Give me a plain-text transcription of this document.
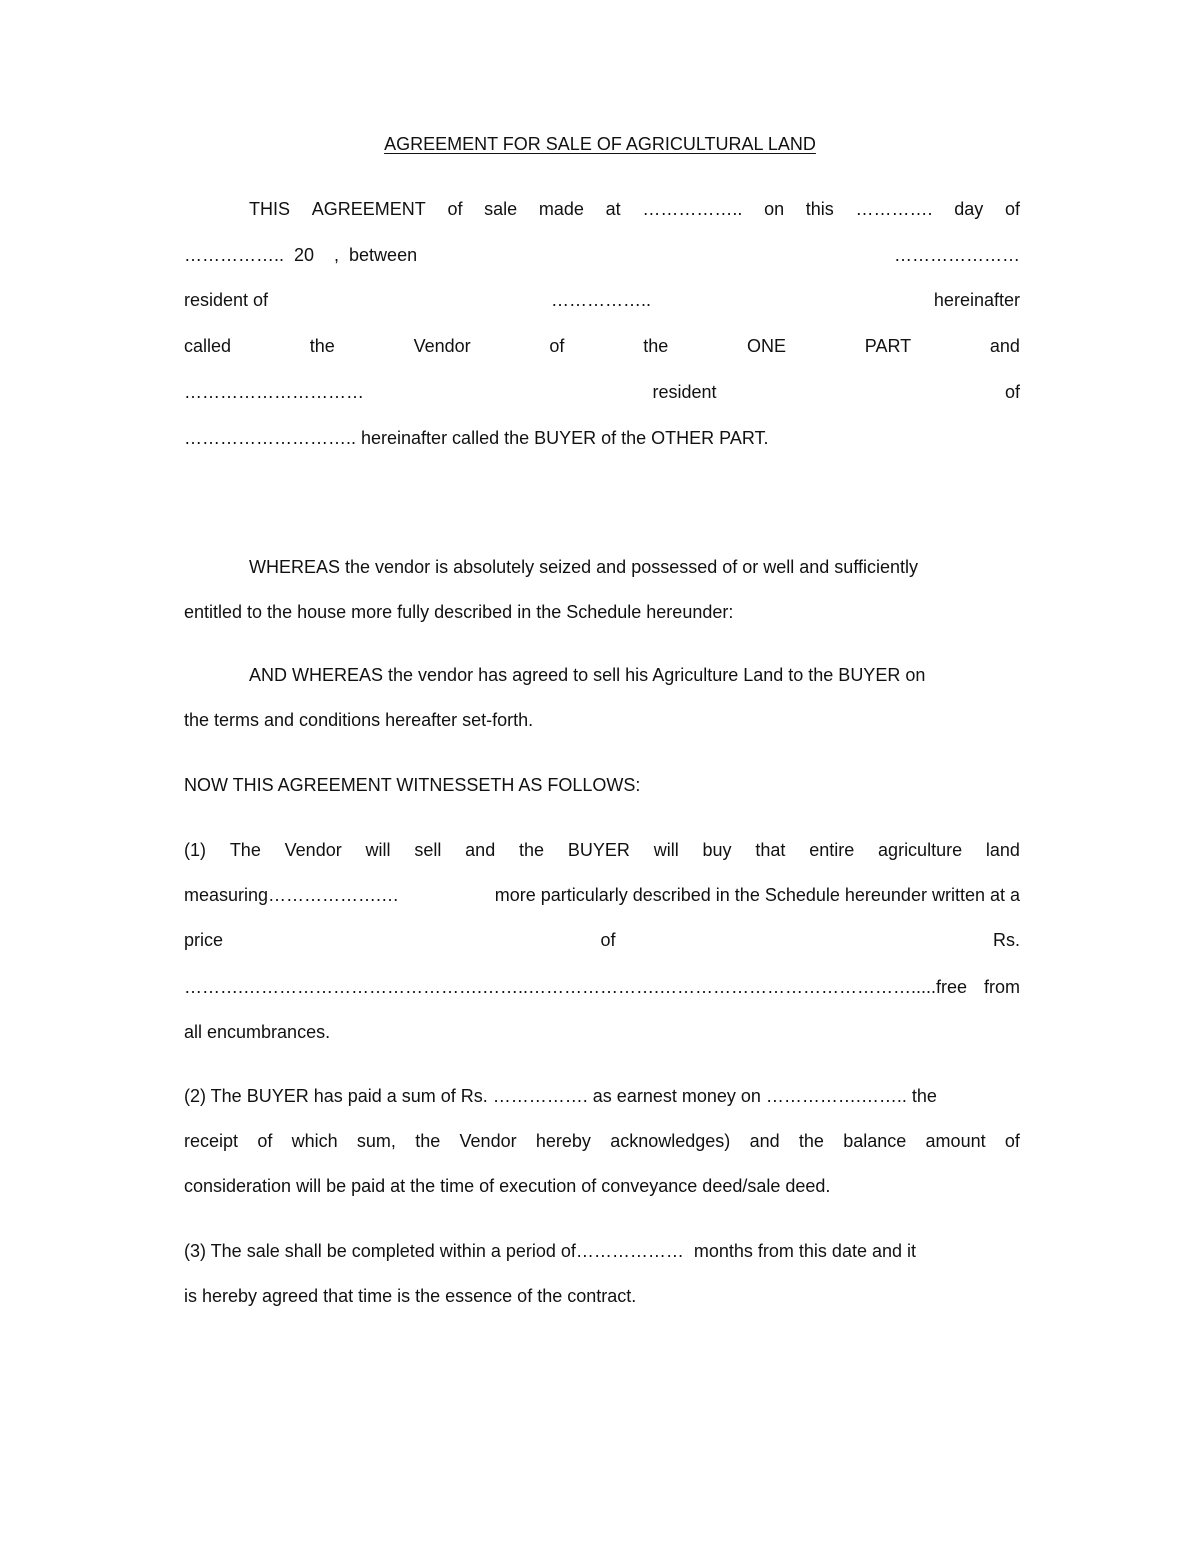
AGREEMENT FOR SALE OF AGRICULTURAL LAND
THIS AGREEMENT of sale made at …………….. on this …………. day of
……………..  20    ,  between	…………………
resident of	……………..	hereinafter
called	the	Vendor	of	the	ONE	PART	and
…………………………	resident	of
……………………….. hereinafter called the BUYER of the OTHER PART.
WHEREAS the vendor is absolutely seized and possessed of or well and sufficiently
entitled to the house more fully described in the Schedule hereunder:
AND WHEREAS the vendor has agreed to sell his Agriculture Land to the BUYER on
the terms and conditions hereafter set-forth.
NOW THIS AGREEMENT WITNESSETH AS FOLLOWS:
(1) The Vendor will sell and the BUYER will buy that entire agriculture land
measuring……………….…	more particularly described in the Schedule hereunder written at a
price	of	Rs.
……….………………………………….……..………………….…………………………………….....free from
all encumbrances.
(2) The BUYER has paid a sum of Rs. ……………. as earnest money on …………….…….. the
receipt of which sum, the Vendor hereby acknowledges) and the balance amount of
consideration will be paid at the time of execution of conveyance deed/sale deed.
(3) The sale shall be completed within a period of………………  months from this date and it
is hereby agreed that time is the essence of the contract.
